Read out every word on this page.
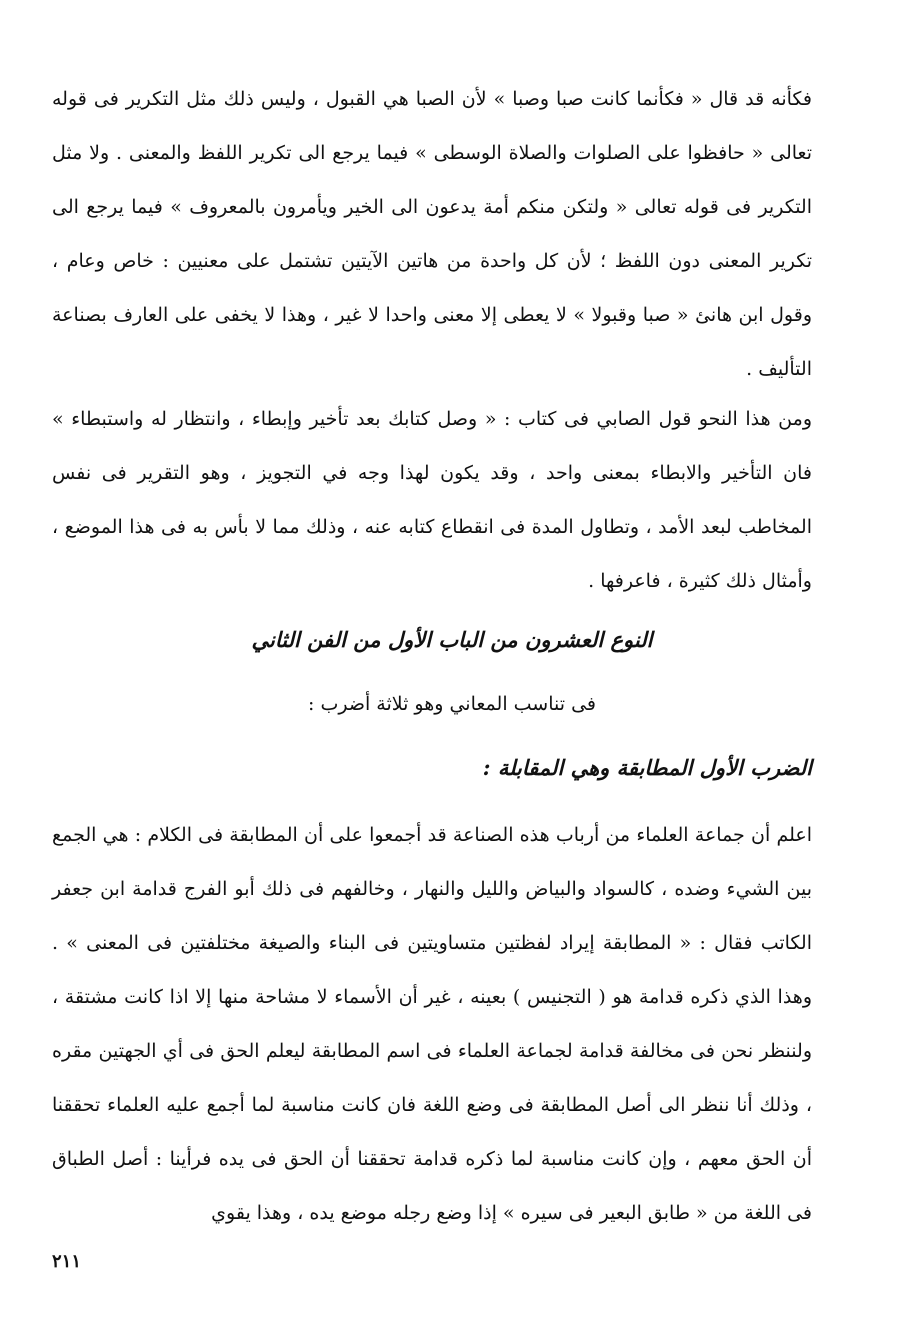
فكأنه قد قال « فكأنما كانت صبا وصبا » لأن الصبا هي القبول ، وليس ذلك مثل التكرير فى قوله تعالى « حافظوا على الصلوات والصلاة الوسطى » فيما يرجع الى تكرير اللفظ والمعنى . ولا مثل التكرير فى قوله تعالى « ولتكن منكم أمة يدعون الى الخير ويأمرون بالمعروف » فيما يرجع الى تكرير المعنى دون اللفظ ؛ لأن كل واحدة من هاتين الآيتين تشتمل على معنيين : خاص وعام ، وقول ابن هانئ « صبا وقبولا » لا يعطى إلا معنى واحدا لا غير ، وهذا لا يخفى على العارف بصناعة التأليف .

ومن هذا النحو قول الصابي فى كتاب : « وصل كتابك بعد تأخير وإبطاء ، وانتظار له واستبطاء » فان التأخير والابطاء بمعنى واحد ، وقد يكون لهذا وجه في التجويز ، وهو التقرير فى نفس المخاطب لبعد الأمد ، وتطاول المدة فى انقطاع كتابه عنه ، وذلك مما لا بأس به فى هذا الموضع ، وأمثال ذلك كثيرة ، فاعرفها .

النوع العشرون من الباب الأول من الفن الثاني
فى تناسب المعاني وهو ثلاثة أضرب :
الضرب الأول المطابقة وهي المقابلة :

اعلم أن جماعة العلماء من أرباب هذه الصناعة قد أجمعوا على أن المطابقة فى الكلام : هي الجمع بين الشيء وضده ، كالسواد والبياض والليل والنهار ، وخالفهم فى ذلك أبو الفرج قدامة ابن جعفر الكاتب فقال : « المطابقة إيراد لفظتين متساويتين فى البناء والصيغة مختلفتين فى المعنى » . وهذا الذي ذكره قدامة هو ( التجنيس ) بعينه ، غير أن الأسماء لا مشاحة منها إلا اذا كانت مشتقة ، ولننظر نحن فى مخالفة قدامة لجماعة العلماء فى اسم المطابقة ليعلم الحق فى أي الجهتين مقره ، وذلك أنا ننظر الى أصل المطابقة فى وضع اللغة فان كانت مناسبة لما أجمع عليه العلماء تحققنا أن الحق معهم ، وإن كانت مناسبة لما ذكره قدامة تحققنا أن الحق فى يده فرأينا : أصل الطباق فى اللغة من « طابق البعير فى سيره » إذا وضع رجله موضع يده ، وهذا يقوي

٢١١
